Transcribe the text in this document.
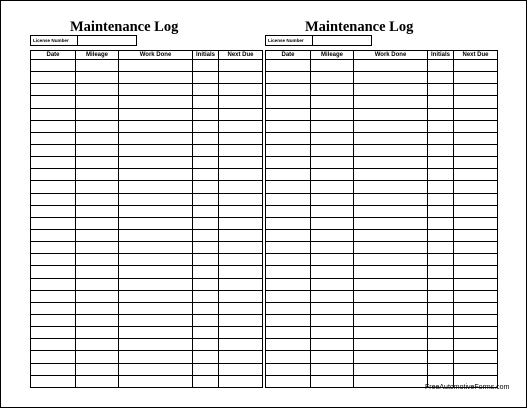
Maintenance Log
License Number
Date	Mileage	Work Done	Initials	Next Due

Maintenance Log
License Number
Date	Mileage	Work Done	Initials	Next Due

FreeAutomotiveForms.com
